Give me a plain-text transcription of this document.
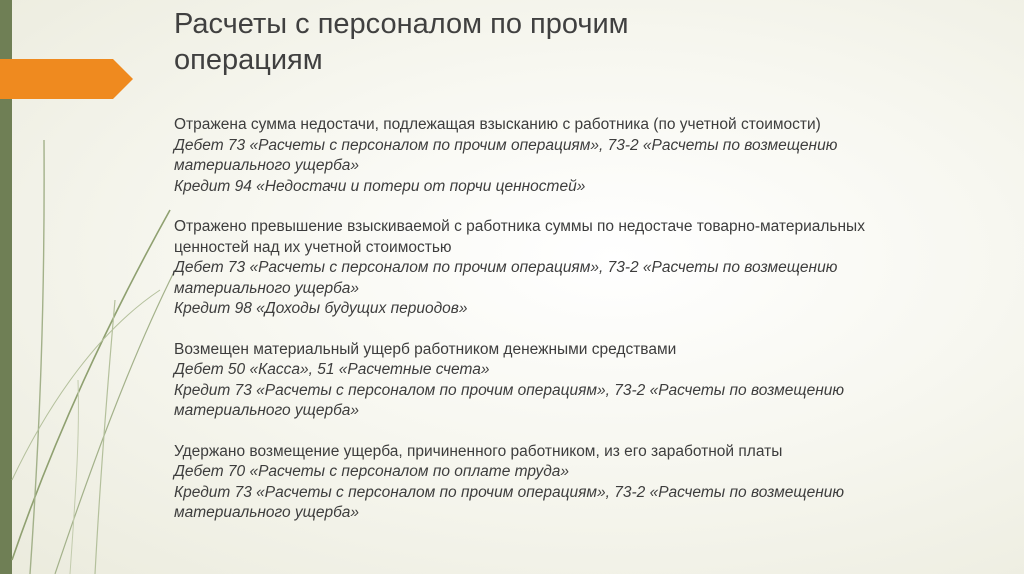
Расчеты с персоналом по прочим
операциям
Отражена сумма недостачи, подлежащая взысканию с работника (по учетной стоимости)
Дебет 73 «Расчеты с персоналом по прочим операциям», 73-2 «Расчеты по возмещению
материального ущерба»
Кредит 94 «Недостачи и потери от порчи ценностей»
Отражено превышение взыскиваемой с работника суммы по недостаче товарно-материальных
ценностей над их учетной стоимостью
Дебет 73 «Расчеты с персоналом по прочим операциям», 73-2 «Расчеты по возмещению
материального ущерба»
Кредит 98 «Доходы будущих периодов»
Возмещен материальный ущерб работником денежными средствами
Дебет 50 «Касса», 51 «Расчетные счета»
Кредит 73 «Расчеты с персоналом по прочим операциям», 73-2 «Расчеты по возмещению
материального ущерба»
Удержано возмещение ущерба, причиненного работником, из его заработной платы
Дебет 70 «Расчеты с персоналом по оплате труда»
Кредит 73 «Расчеты с персоналом по прочим операциям», 73-2 «Расчеты по возмещению
материального ущерба»
